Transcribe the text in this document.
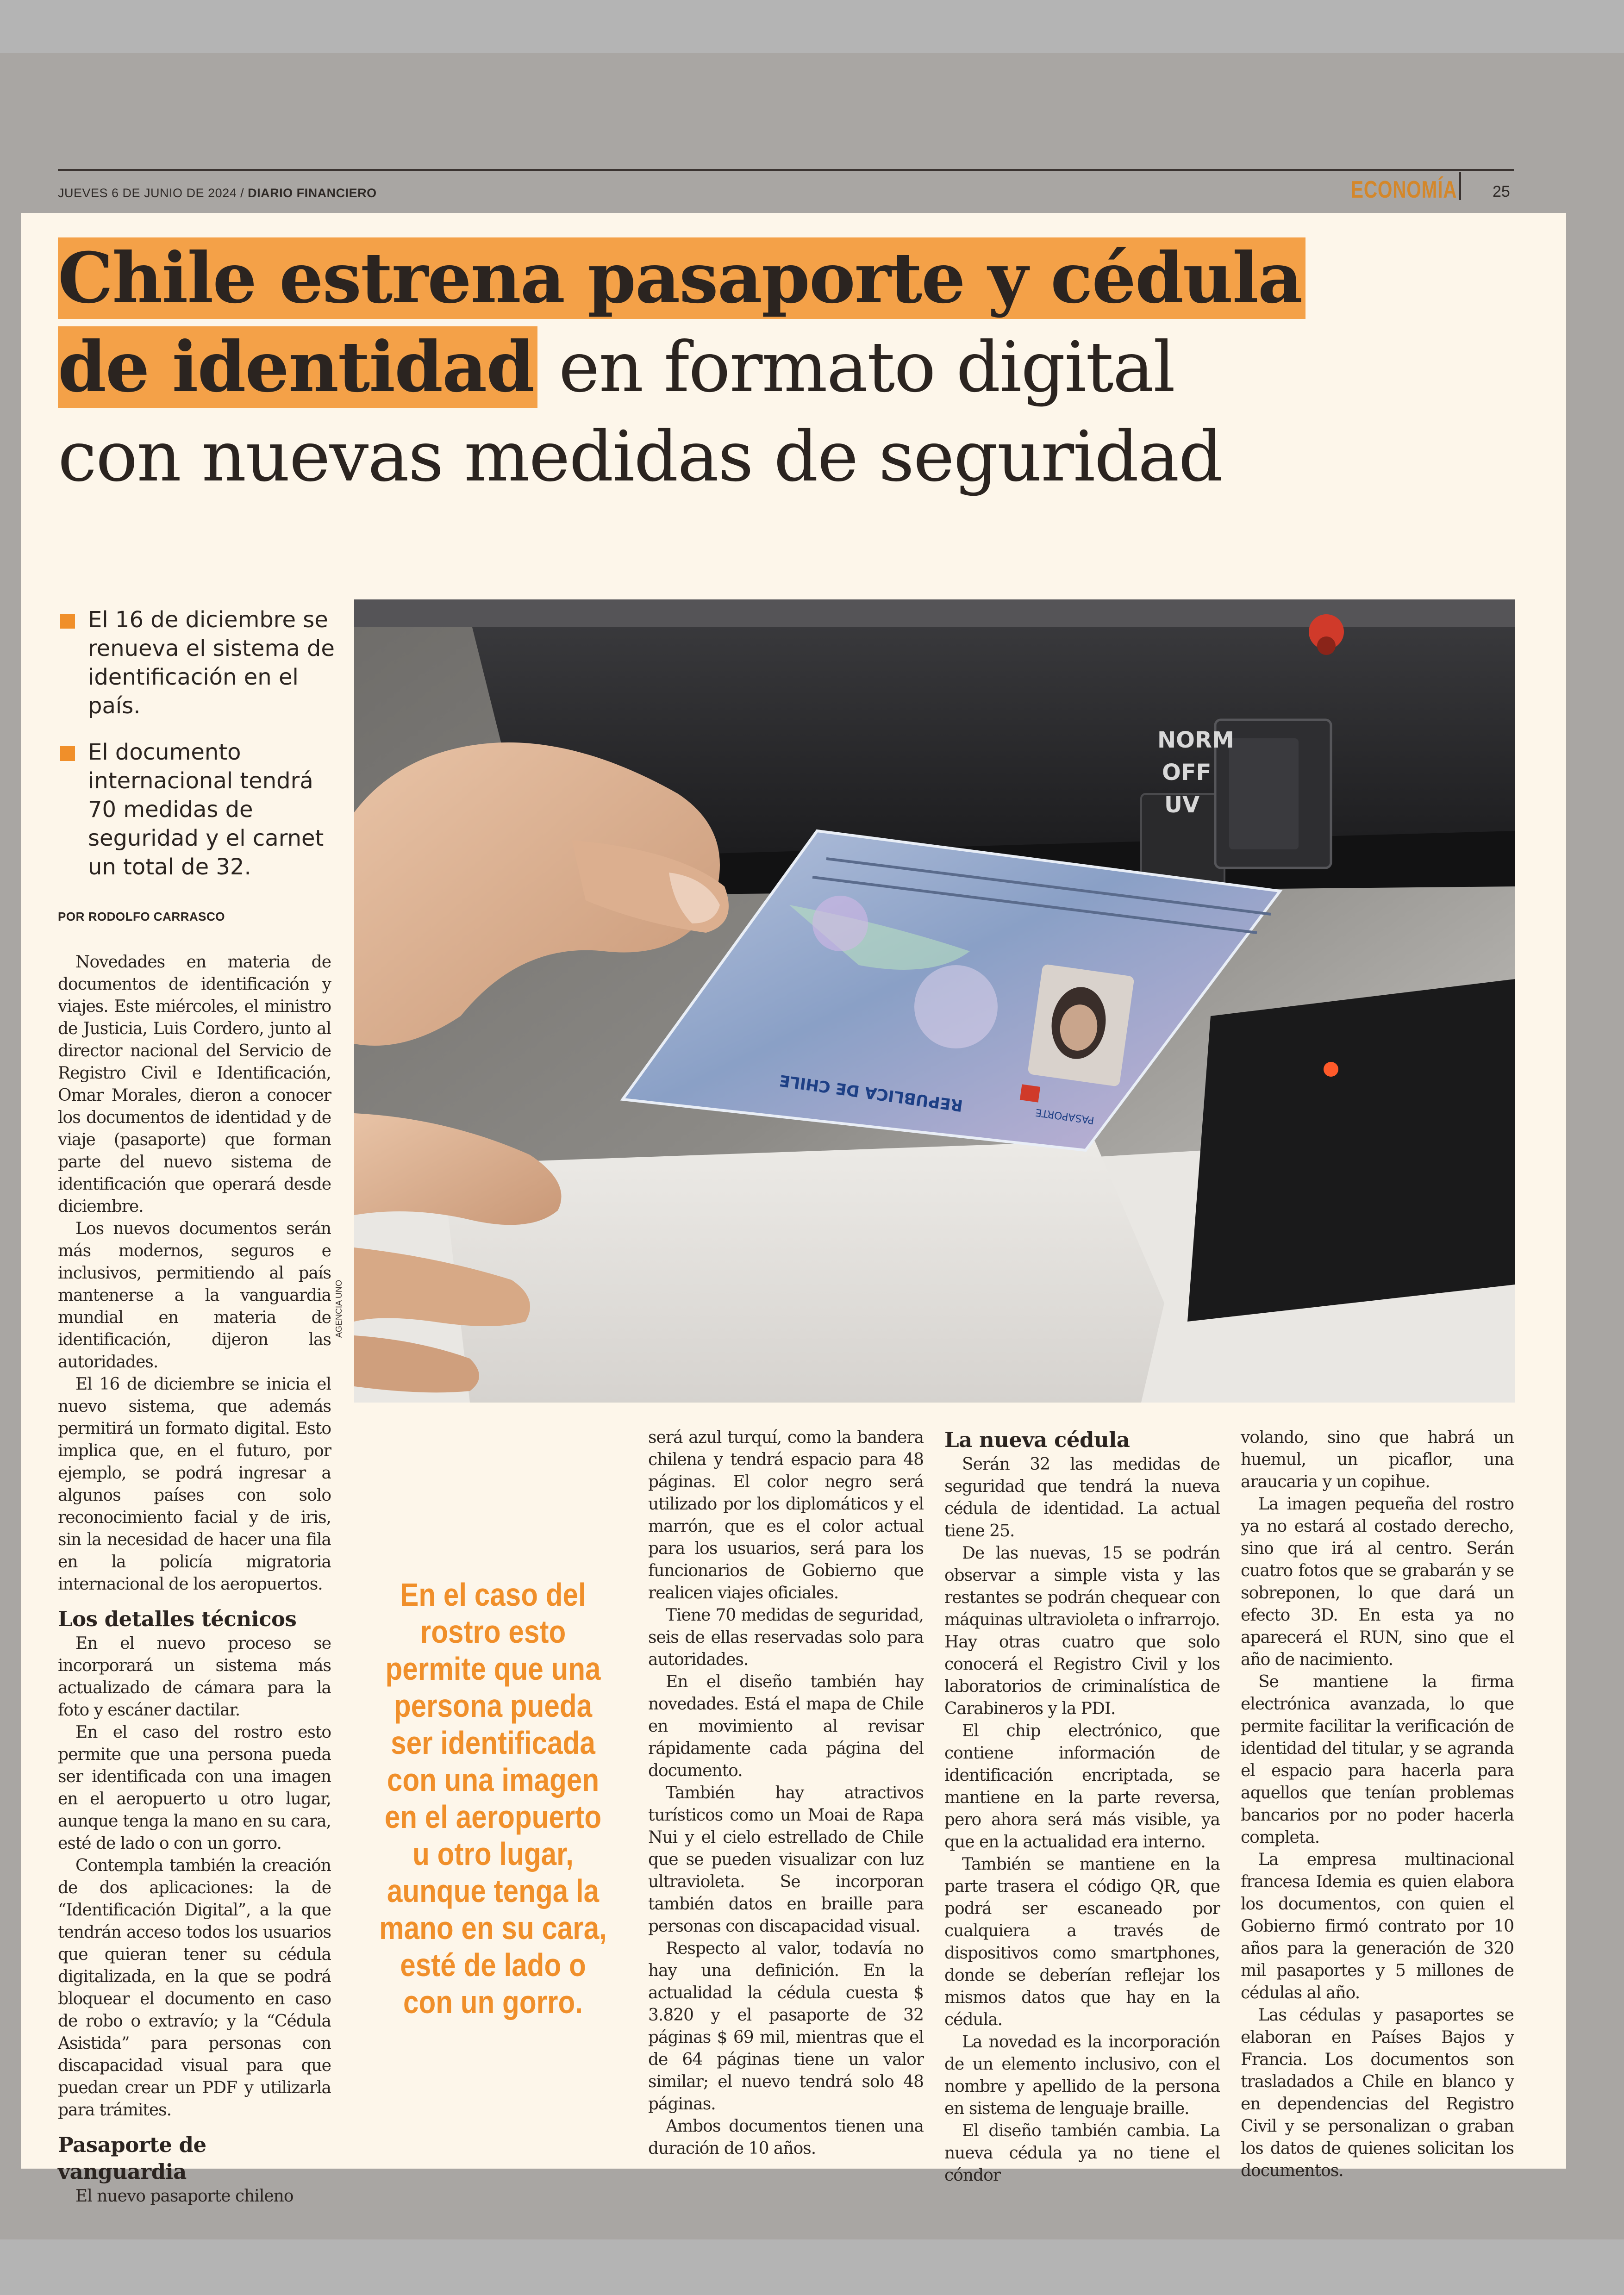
JUEVES 6 DE JUNIO DE 2024 / DIARIO FINANCIERO	ECONOMÍA 25
Chile estrena pasaporte y cédula
de identidad en formato digital
con nuevas medidas de seguridad
El 16 de diciembre se renueva el sistema de identificación en el país.
El documento internacional tendrá 70 medidas de seguridad y el carnet un total de 32.
POR RODOLFO CARRASCO

Novedades en materia de documentos de identificación y viajes. Este miércoles, el ministro de Justicia, Luis Cordero, junto al director nacional del Servicio de Registro Civil e Identificación, Omar Morales, dieron a conocer los documentos de identidad y de viaje (pasaporte) que forman parte del nuevo sistema de identificación que operará desde diciembre.

Los nuevos documentos serán más modernos, seguros e inclusivos, permitiendo al país mantenerse a la vanguardia mundial en materia de identificación, dijeron las autoridades.

El 16 de diciembre se inicia el nuevo sistema, que además permitirá un formato digital. Esto implica que, en el futuro, por ejemplo, se podrá ingresar a algunos países con solo reconocimiento facial y de iris, sin la necesidad de hacer una fila en la policía migratoria internacional de los aeropuertos.

Los detalles técnicos

En el nuevo proceso se incorporará un sistema más actualizado de cámara para la foto y escáner dactilar.

En el caso del rostro esto permite que una persona pueda ser identificada con una imagen en el aeropuerto u otro lugar, aunque tenga la mano en su cara, esté de lado o con un gorro.

Contempla también la creación de dos aplicaciones: la de “Identificación Digital”, a la que tendrán acceso todos los usuarios que quieran tener su cédula digitalizada, en la que se podrá bloquear el documento en caso de robo o extravío; y la “Cédula Asistida” para personas con discapacidad visual para que puedan crear un PDF y utilizarla para trámites.

Pasaporte de vanguardia

El nuevo pasaporte chileno

NORM
OFF
UV
REPUBLICA DE CHILE
PASAPORTE
AGENCIA UNO
En el caso del rostro esto permite que una persona pueda ser identificada con una imagen en el aeropuerto u otro lugar, aunque tenga la mano en su cara, esté de lado o con un gorro.

será azul turquí, como la bandera chilena y tendrá espacio para 48 páginas. El color negro será utilizado por los diplomáticos y el marrón, que es el color actual para los usuarios, será para los funcionarios de Gobierno que realicen viajes oficiales.

Tiene 70 medidas de seguridad, seis de ellas reservadas solo para autoridades.

En el diseño también hay novedades. Está el mapa de Chile en movimiento al revisar rápidamente cada página del documento.

También hay atractivos turísticos como un Moai de Rapa Nui y el cielo estrellado de Chile que se pueden visualizar con luz ultravioleta. Se incorporan también datos en braille para personas con discapacidad visual.

Respecto al valor, todavía no hay una definición. En la actualidad la cédula cuesta $ 3.820 y el pasaporte de 32 páginas $ 69 mil, mientras que el de 64 páginas tiene un valor similar; el nuevo tendrá solo 48 páginas.

Ambos documentos tienen una duración de 10 años.

La nueva cédula

Serán 32 las medidas de seguridad que tendrá la nueva cédula de identidad. La actual tiene 25.

De las nuevas, 15 se podrán observar a simple vista y las restantes se podrán chequear con máquinas ultravioleta o infrarrojo. Hay otras cuatro que solo conocerá el Registro Civil y los laboratorios de criminalística de Carabineros y la PDI.

El chip electrónico, que contiene información de identificación encriptada, se mantiene en la parte reversa, pero ahora será más visible, ya que en la actualidad era interno.

También se mantiene en la parte trasera el código QR, que podrá ser escaneado por cualquiera a través de dispositivos como smartphones, donde se deberían reflejar los mismos datos que hay en la cédula.

La novedad es la incorporación de un elemento inclusivo, con el nombre y apellido de la persona en sistema de lenguaje braille.

El diseño también cambia. La nueva cédula ya no tiene el cóndor

volando, sino que habrá un huemul, un picaflor, una araucaria y un copihue.

La imagen pequeña del rostro ya no estará al costado derecho, sino que irá al centro. Serán cuatro fotos que se grabarán y se sobreponen, lo que dará un efecto 3D. En esta ya no aparecerá el RUN, sino que el año de nacimiento.

Se mantiene la firma electrónica avanzada, lo que permite facilitar la verificación de identidad del titular, y se agranda el espacio para hacerla para aquellos que tenían problemas bancarios por no poder hacerla completa.

La empresa multinacional francesa Idemia es quien elabora los documentos, con quien el Gobierno firmó contrato por 10 años para la generación de 320 mil pasaportes y 5 millones de cédulas al año.

Las cédulas y pasaportes se elaboran en Países Bajos y Francia. Los documentos son trasladados a Chile en blanco y en dependencias del Registro Civil y se personalizan o graban los datos de quienes solicitan los documentos.
